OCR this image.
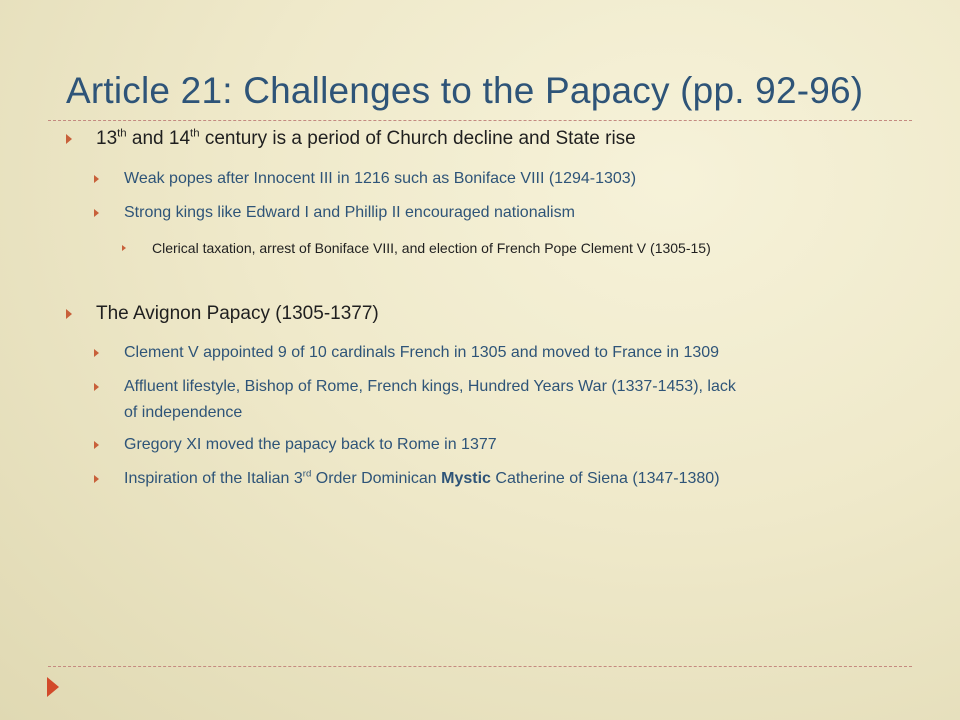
Article 21: Challenges to the Papacy (pp. 92-96)
13th and 14th century is a period of Church decline and State rise
Weak popes after Innocent III in 1216 such as Boniface VIII (1294-1303)
Strong kings like Edward I and Phillip II encouraged nationalism
Clerical taxation, arrest of Boniface VIII, and election of French Pope Clement V (1305-15)
The Avignon Papacy (1305-1377)
Clement V appointed 9 of 10 cardinals French in 1305 and moved to France in 1309
Affluent lifestyle, Bishop of Rome, French kings, Hundred Years War (1337-1453), lack
of independence
Gregory XI moved the papacy back to Rome in 1377
Inspiration of the Italian 3rd Order Dominican Mystic Catherine of Siena (1347-1380)
